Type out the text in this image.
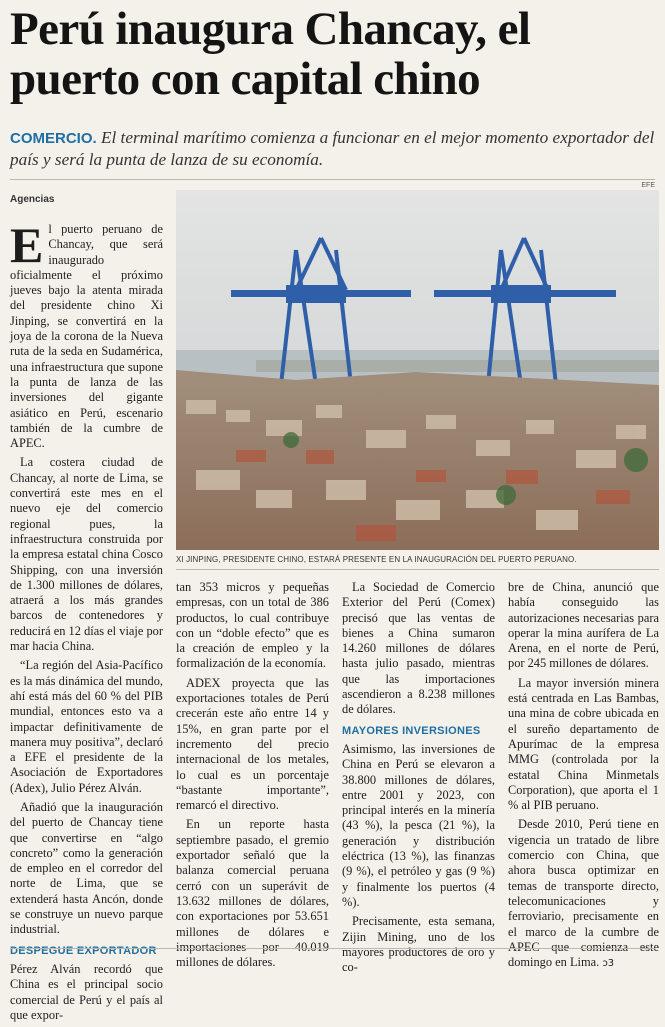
Perú inaugura Chancay, el puerto con capital chino
COMERCIO. El terminal marítimo comienza a funcionar en el mejor momento exportador del país y será la punta de lanza de su economía.
EFE
XI JINPING, PRESIDENTE CHINO, ESTARÁ PRESENTE EN LA INAUGURACIÓN DEL PUERTO PERUANO.
Agencias

El puerto peruano de Chancay, que será inaugurado oficialmente el próximo jueves bajo la atenta mirada del presidente chino Xi Jinping, se convertirá en la joya de la corona de la Nueva ruta de la seda en Sudamérica, una infraestructura que supone la punta de lanza de las inversiones del gigante asiático en Perú, escenario también de la cumbre de APEC.

La costera ciudad de Chancay, al norte de Lima, se convertirá este mes en el nuevo eje del comercio regional pues, la infraestructura construida por la empresa estatal china Cosco Shipping, con una inversión de 1.300 millones de dólares, atraerá a los más grandes barcos de contenedores y reducirá en 12 días el viaje por mar hacia China.

“La región del Asia-Pacífico es la más dinámica del mundo, ahí está más del 60 % del PIB mundial, entonces esto va a impactar definitivamente de manera muy positiva”, declaró a EFE el presidente de la Asociación de Exportadores (Adex), Julio Pérez Alván.

Añadió que la inauguración del puerto de Chancay tiene que convertirse en “algo concreto” como la generación de empleo en el corredor del norte de Lima, que se extenderá hasta Ancón, donde se construye un nuevo parque industrial.

DESPEGUE EXPORTADOR

Pérez Alván recordó que China es el principal socio comercial de Perú y el país al que expor-

tan 353 micros y pequeñas empresas, con un total de 386 productos, lo cual contribuye con un “doble efecto” que es la creación de empleo y la formalización de la economía.

ADEX proyecta que las exportaciones totales de Perú crecerán este año entre 14 y 15%, en gran parte por el incremento del precio internacional de los metales, lo cual es un porcentaje “bastante importante”, remarcó el directivo.

En un reporte hasta septiembre pasado, el gremio exportador señaló que la balanza comercial peruana cerró con un superávit de 13.632 millones de dólares, con exportaciones por 53.651 millones de dólares e importaciones por 40.019 millones de dólares.

La Sociedad de Comercio Exterior del Perú (Comex) precisó que las ventas de bienes a China sumaron 14.260 millones de dólares hasta julio pasado, mientras que las importaciones ascendieron a 8.238 millones de dólares.

MAYORES INVERSIONES

Asimismo, las inversiones de China en Perú se elevaron a 38.800 millones de dólares, entre 2001 y 2023, con principal interés en la minería (43 %), la pesca (21 %), la generación y distribución eléctrica (13 %), las finanzas (9 %), el petróleo y gas (9 %) y finalmente los puertos (4 %).

Precisamente, esta semana, Zijin Mining, uno de los mayores productores de oro y co-

bre de China, anunció que había conseguido las autorizaciones necesarias para operar la mina aurífera de La Arena, en el norte de Perú, por 245 millones de dólares.

La mayor inversión minera está centrada en Las Bambas, una mina de cobre ubicada en el sureño departamento de Apurímac de la empresa MMG (controlada por la estatal China Minmetals Corporation), que aporta el 1 % al PIB peruano.

Desde 2010, Perú tiene en vigencia un tratado de libre comercio con China, que ahora busca optimizar en temas de transporte directo, telecomunicaciones y ferroviario, precisamente en el marco de la cumbre de APEC que comienza este domingo en Lima. ↄ3
